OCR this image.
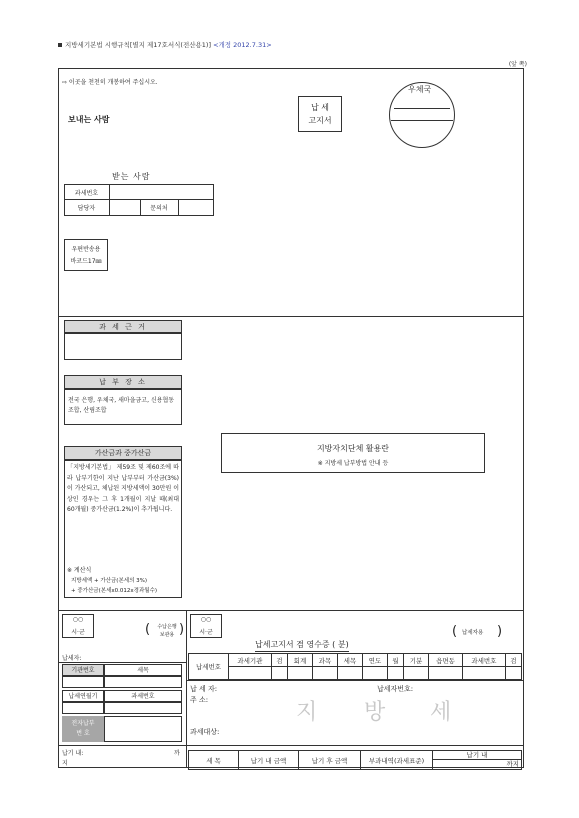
지방세기본법 시행규칙[별지 제17호서식(전산용1)] <개정 2012.7.31>
(앞 쪽)
⇨ 이곳을 천천히 개봉하여 주십시오.
보내는 사람
납 세
고지서
우체국
받는 사람
과세번호
담당자	문의처
우편반송용
바코드17㎜
과 세 근 거
납 부 장 소
전국 은행, 우체국, 새마을금고, 신용협동조합, 산림조합
가산금과 중가산금
「지방세기본법」 제59조 및 제60조에 따라 납부기한이 지난 납부부터 가산금(3%)이 가산되고, 체납된 지방세액이 30만원 이상인 경우는 그 후 1개월이 지날 때(최대 60개월) 중가산금(1.2%)이 추가됩니다.
※ 계산식
지방세액 + 가산금(본세의 3%)
+ 중가산금(본세x0.012x경과월수)
지방자치단체 활용란
※ 지방세 납부방법 안내 등
○○
시·군	(	수납은행
보관용 )
납세자:
기관번호	세목
납세연월기	과세번호
전자납부
번 호
납기 내:	까
지
○○
시·군
납세고지서 겸 영수증 ( 분)
( 납세자용 )
납세번호	과세기관	검	회계	과목	세목	연도	월	기분	읍면동	과세번호	검

납 세 자:	납세자번호:
주 소:	지 방 세
과세대상:
세 목	납기 내 금액	납기 후 금액	부과내역(과세표준)	
납기 내
까지
